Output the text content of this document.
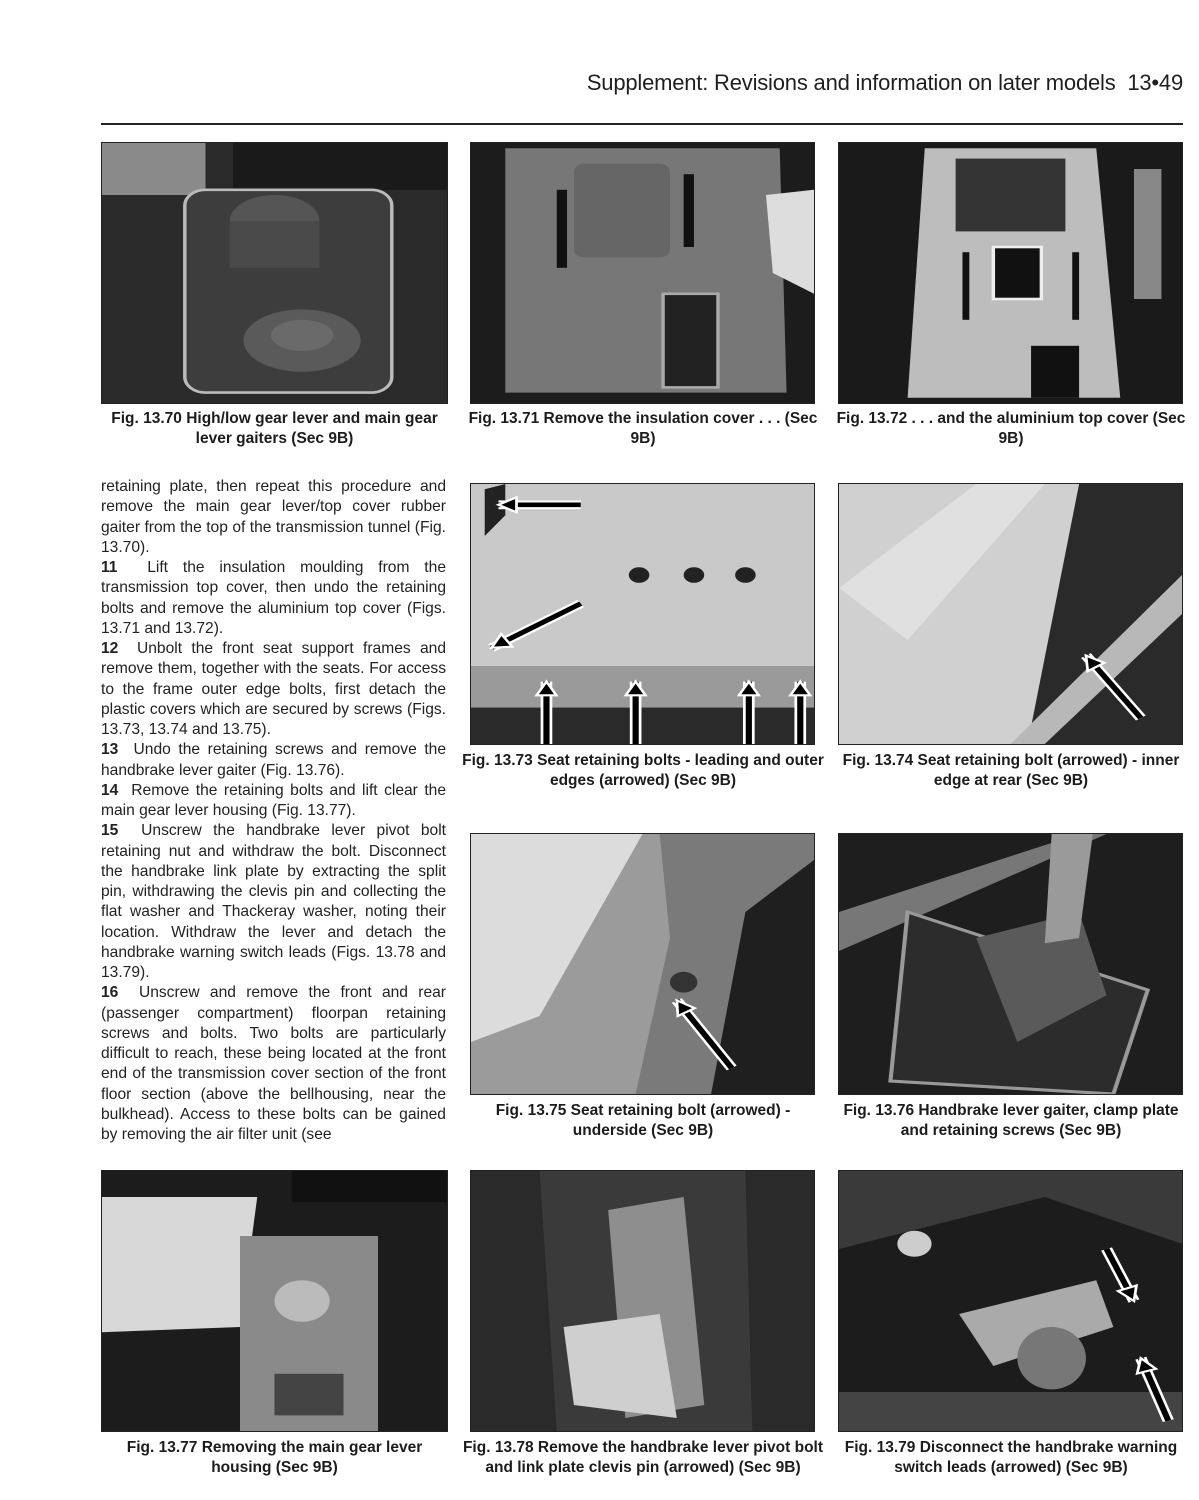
Supplement: Revisions and information on later models 13•49

retaining plate, then repeat this procedure and remove the main gear lever/top cover rubber gaiter from the top of the transmission tunnel (Fig. 13.70).

11 Lift the insulation moulding from the transmission top cover, then undo the retaining bolts and remove the aluminium top cover (Figs. 13.71 and 13.72).

12 Unbolt the front seat support frames and remove them, together with the seats. For access to the frame outer edge bolts, first detach the plastic covers which are secured by screws (Figs. 13.73, 13.74 and 13.75).

13 Undo the retaining screws and remove the handbrake lever gaiter (Fig. 13.76).

14 Remove the retaining bolts and lift clear the main gear lever housing (Fig. 13.77).

15 Unscrew the handbrake lever pivot bolt retaining nut and withdraw the bolt. Disconnect the handbrake link plate by extracting the split pin, withdrawing the clevis pin and collecting the flat washer and Thackeray washer, noting their location. Withdraw the lever and detach the handbrake warning switch leads (Figs. 13.78 and 13.79).

16 Unscrew and remove the front and rear (passenger compartment) floorpan retaining screws and bolts. Two bolts are particularly difficult to reach, these being located at the front end of the transmission cover section of the front floor section (above the bellhousing, near the bulkhead). Access to these bolts can be gained by removing the air filter unit (see

Fig. 13.70 High/low gear lever and main gear lever gaiters (Sec 9B)
Fig. 13.71 Remove the insulation cover . . . (Sec 9B)
Fig. 13.72 . . . and the aluminium top cover (Sec 9B)
Fig. 13.73 Seat retaining bolts - leading and outer edges (arrowed) (Sec 9B)
Fig. 13.74 Seat retaining bolt (arrowed) - inner edge at rear (Sec 9B)
Fig. 13.75 Seat retaining bolt (arrowed) - underside (Sec 9B)
Fig. 13.76 Handbrake lever gaiter, clamp plate and retaining screws (Sec 9B)
Fig. 13.77 Removing the main gear lever housing (Sec 9B)
Fig. 13.78 Remove the handbrake lever pivot bolt and link plate clevis pin (arrowed) (Sec 9B)
Fig. 13.79 Disconnect the handbrake warning switch leads (arrowed) (Sec 9B)
